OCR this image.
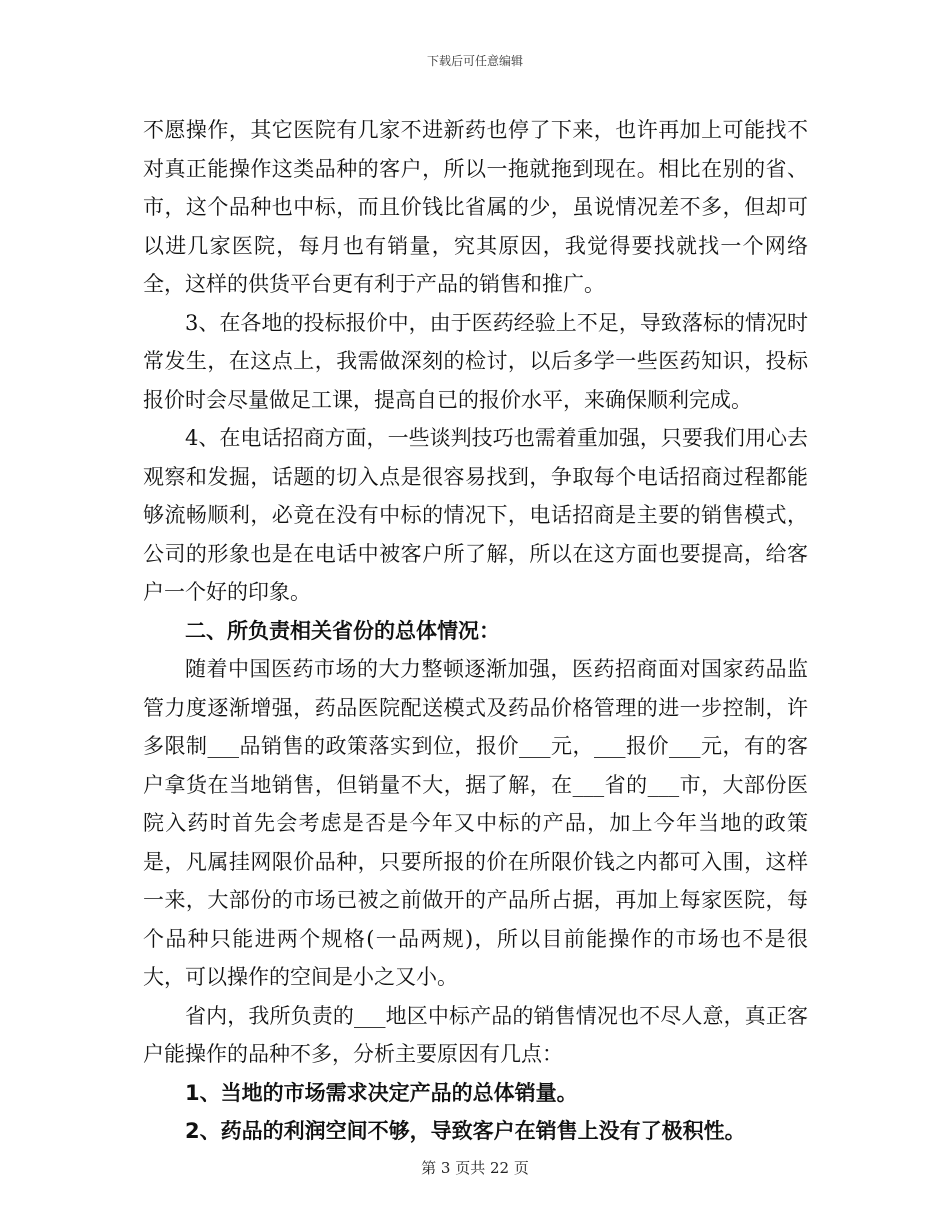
下载后可任意编辑

不愿操作，其它医院有几家不进新药也停了下来，也许再加上可能找不对真正能操作这类品种的客户，所以一拖就拖到现在。相比在别的省、市，这个品种也中标，而且价钱比省属的少，虽说情况差不多，但却可以进几家医院，每月也有销量，究其原因，我觉得要找就找一个网络全，这样的供货平台更有利于产品的销售和推广。

3、在各地的投标报价中，由于医药经验上不足，导致落标的情况时常发生，在这点上，我需做深刻的检讨，以后多学一些医药知识，投标报价时会尽量做足工课，提高自已的报价水平，来确保顺利完成。

4、在电话招商方面，一些谈判技巧也需着重加强，只要我们用心去观察和发掘，话题的切入点是很容易找到，争取每个电话招商过程都能够流畅顺利，必竟在没有中标的情况下，电话招商是主要的销售模式，公司的形象也是在电话中被客户所了解，所以在这方面也要提高，给客户一个好的印象。

二、所负责相关省份的总体情况：

随着中国医药市场的大力整顿逐渐加强，医药招商面对国家药品监管力度逐渐增强，药品医院配送模式及药品价格管理的进一步控制，许多限制___品销售的政策落实到位，报价___元，___报价___元，有的客户拿货在当地销售，但销量不大，据了解，在___省的___市，大部份医院入药时首先会考虑是否是今年又中标的产品，加上今年当地的政策是，凡属挂网限价品种，只要所报的价在所限价钱之内都可入围，这样一来，大部份的市场已被之前做开的产品所占据，再加上每家医院，每个品种只能进两个规格(一品两规)，所以目前能操作的市场也不是很大，可以操作的空间是小之又小。

省内，我所负责的___地区中标产品的销售情况也不尽人意，真正客户能操作的品种不多，分析主要原因有几点：

1、当地的市场需求决定产品的总体销量。

2、药品的利润空间不够，导致客户在销售上没有了极积性。

第 3 页共 22 页
